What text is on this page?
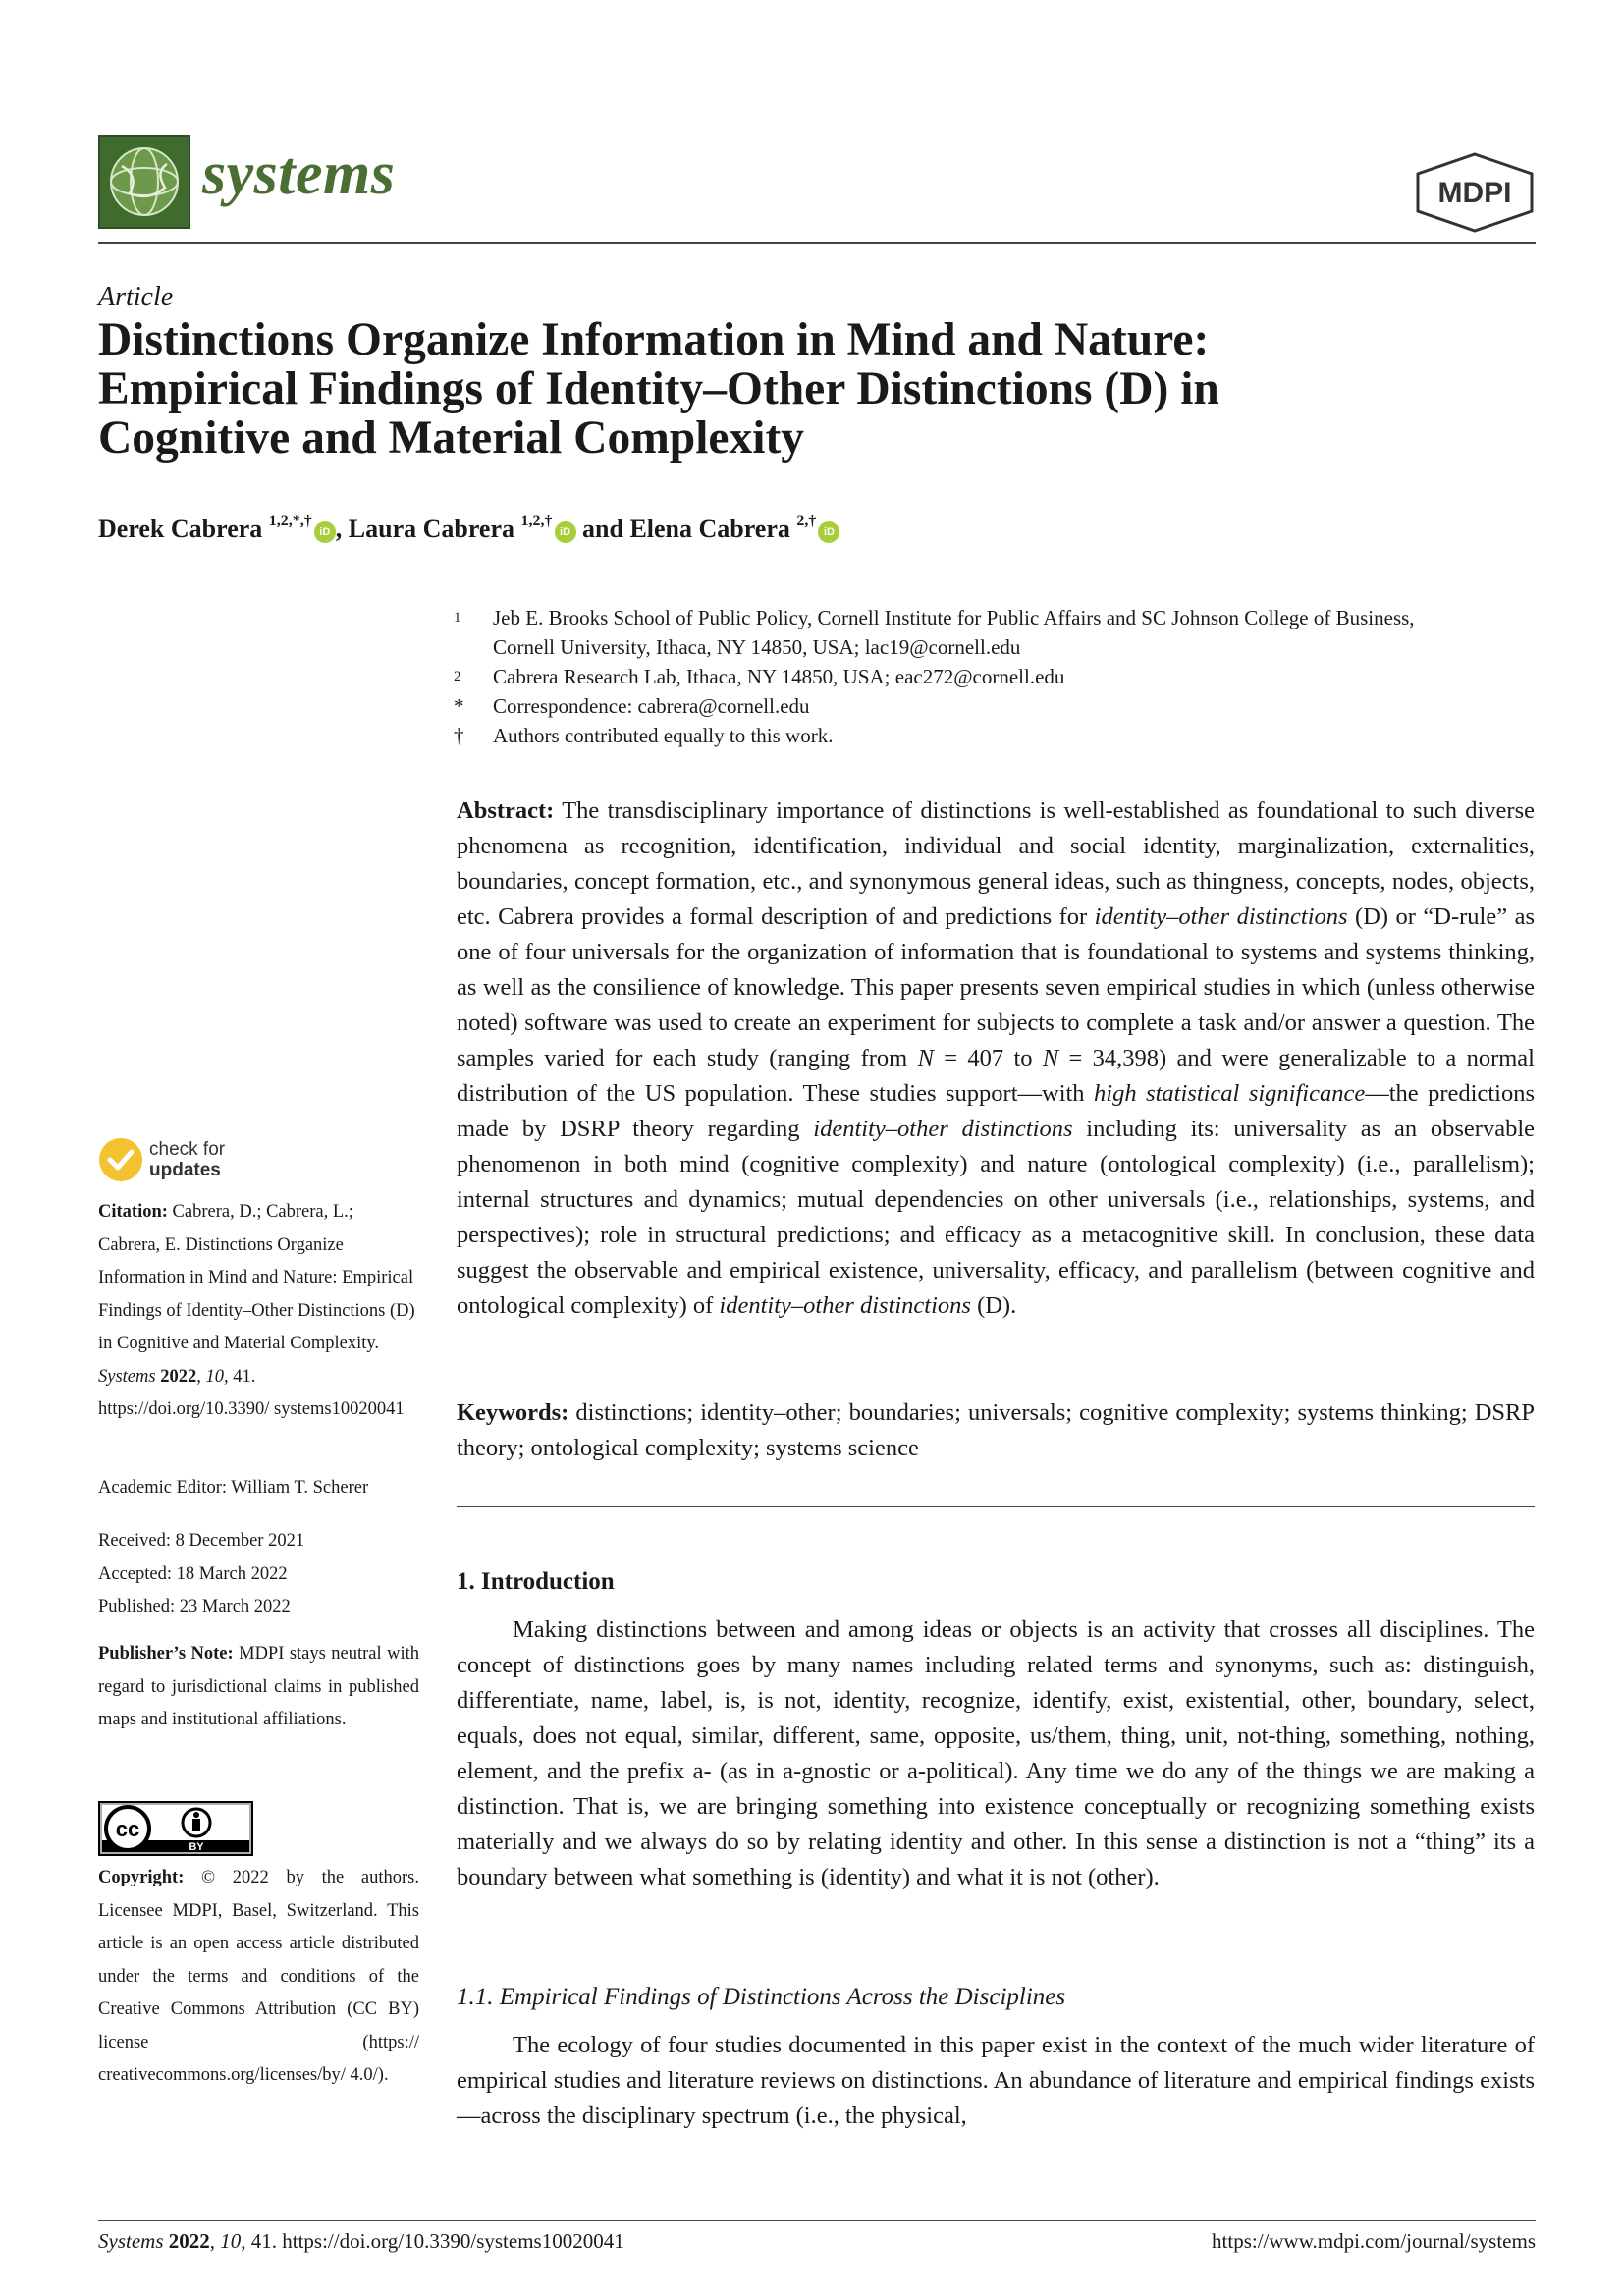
systems	MDPI
Article
Distinctions Organize Information in Mind and Nature:
Empirical Findings of Identity–Other Distinctions (D) in
Cognitive and Material Complexity
Derek Cabrera $^{1,2,*,\dagger}$iD , Laura Cabrera $^{1,2,\dagger}$iD and Elena Cabrera $^{2,\dagger}$iD
1 Jeb E. Brooks School of Public Policy, Cornell Institute for Public Affairs and SC Johnson College of Business,
Cornell University, Ithaca, NY 14850, USA; lac19@cornell.edu
2 Cabrera Research Lab, Ithaca, NY 14850, USA; eac272@cornell.edu
* Correspondence: cabrera@cornell.edu
† Authors contributed equally to this work.
Abstract: The transdisciplinary importance of distinctions is well-established as foundational to such diverse phenomena as recognition, identification, individual and social identity, marginalization, externalities, boundaries, concept formation, etc., and synonymous general ideas, such as thingness, concepts, nodes, objects, etc. Cabrera provides a formal description of and predictions for identity–other distinctions (D) or “D-rule” as one of four universals for the organization of information that is foundational to systems and systems thinking, as well as the consilience of knowledge. This paper presents seven empirical studies in which (unless otherwise noted) software was used to create an experiment for subjects to complete a task and/or answer a question. The samples varied for each study (ranging from N = 407 to N = 34,398) and were generalizable to a normal distribution of the US population. These studies support—with high statistical significance—the predictions made by DSRP theory regarding identity–other distinctions including its: universality as an observable phenomenon in both mind (cognitive complexity) and nature (ontological complexity) (i.e., parallelism); internal structures and dynamics; mutual dependencies on other universals (i.e., relationships, systems, and perspectives); role in structural predictions; and efficacy as a metacognitive skill. In conclusion, these data suggest the observable and empirical existence, universality, efficacy, and parallelism (between cognitive and ontological complexity) of identity–other distinctions (D).
Keywords: distinctions; identity–other; boundaries; universals; cognitive complexity; systems thinking; DSRP theory; ontological complexity; systems science
1. Introduction
Making distinctions between and among ideas or objects is an activity that crosses all disciplines. The concept of distinctions goes by many names including related terms and synonyms, such as: distinguish, differentiate, name, label, is, is not, identity, recognize, identify, exist, existential, other, boundary, select, equals, does not equal, similar, different, same, opposite, us/them, thing, unit, not-thing, something, nothing, element, and the prefix a- (as in a-gnostic or a-political). Any time we do any of the things we are making a distinction. That is, we are bringing something into existence conceptually or recognizing something exists materially and we always do so by relating identity and other. In this sense a distinction is not a “thing” its a boundary between what something is (identity) and what it is not (other).
1.1. Empirical Findings of Distinctions Across the Disciplines
The ecology of four studies documented in this paper exist in the context of the much wider literature of empirical studies and literature reviews on distinctions. An abundance of literature and empirical findings exists—across the disciplinary spectrum (i.e., the physical,
check for
updates
Citation: Cabrera, D.; Cabrera, L.; Cabrera, E. Distinctions Organize Information in Mind and Nature: Empirical Findings of Identity–Other Distinctions (D) in Cognitive and Material Complexity. Systems 2022, 10, 41. https://doi.org/10.3390/ systems10020041
Academic Editor: William T. Scherer
Received: 8 December 2021
Accepted: 18 March 2022
Published: 23 March 2022
Publisher’s Note: MDPI stays neutral with regard to jurisdictional claims in published maps and institutional affiliations.
cc
BY
Copyright: © 2022 by the authors. Licensee MDPI, Basel, Switzerland. This article is an open access article distributed under the terms and conditions of the Creative Commons Attribution (CC BY) license (https:// creativecommons.org/licenses/by/ 4.0/).
Systems 2022, 10, 41. https://doi.org/10.3390/systems10020041	https://www.mdpi.com/journal/systems
